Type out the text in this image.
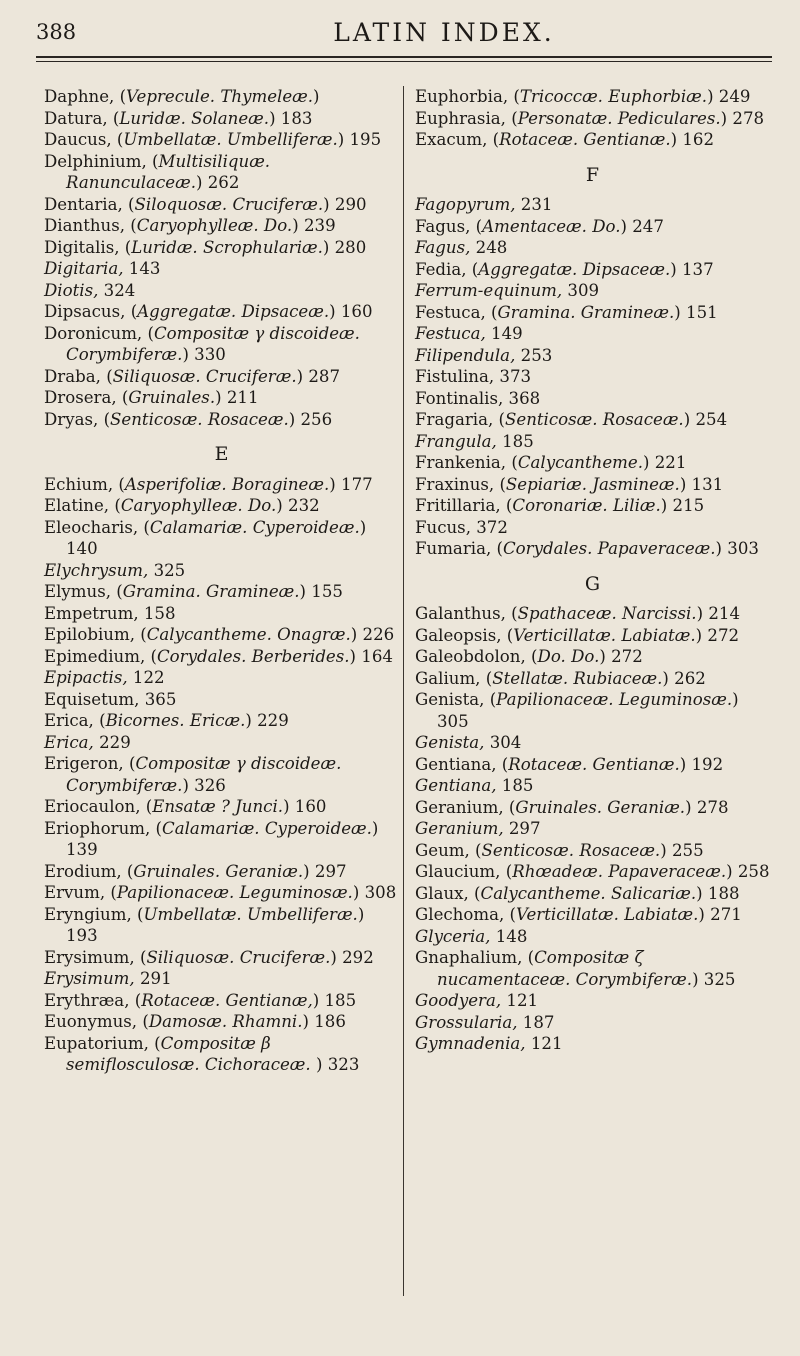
388	LATIN INDEX.
Daphne, (Veprecule. Thymeleæ.)
Datura, (Luridæ. Solaneæ.) 183
Daucus, (Umbellatæ. Umbelliferæ.) 195
Delphinium, (Multisiliquæ. Ranunculaceæ.) 262
Dentaria, (Siloquosæ. Cruciferæ.) 290
Dianthus, (Caryophylleæ. Do.) 239
Digitalis, (Luridæ. Scrophulariæ.) 280
Digitaria, 143
Diotis, 324
Dipsacus, (Aggregatæ. Dipsaceæ.) 160
Doronicum, (Compositæ γ discoideæ. Corymbiferæ.) 330
Draba, (Siliquosæ. Cruciferæ.) 287
Drosera, (Gruinales.) 211
Dryas, (Senticosæ. Rosaceæ.) 256
E
Echium, (Asperifoliæ. Boragineæ.) 177
Elatine, (Caryophylleæ. Do.) 232
Eleocharis, (Calamariæ. Cyperoideæ.) 140
Elychrysum, 325
Elymus, (Gramina. Gramineæ.) 155
Empetrum, 158
Epilobium, (Calycantheme. Onagræ.) 226
Epimedium, (Corydales. Berberides.) 164
Epipactis, 122
Equisetum, 365
Erica, (Bicornes. Ericæ.) 229
Erica, 229
Erigeron, (Compositæ γ discoideæ. Corymbiferæ.) 326
Eriocaulon, (Ensatæ ? Junci.) 160
Eriophorum, (Calamariæ. Cyperoideæ.) 139
Erodium, (Gruinales. Geraniæ.) 297
Ervum, (Papilionaceæ. Leguminosæ.) 308
Eryngium, (Umbellatæ. Umbelliferæ.) 193
Erysimum, (Siliquosæ. Cruciferæ.) 292
Erysimum, 291
Erythræa, (Rotaceæ. Gentianæ,) 185
Euonymus, (Damosæ. Rhamni.) 186
Eupatorium, (Compositæ β semiflosculosæ. Cichoraceæ. ) 323
Euphorbia, (Tricoccæ. Euphorbiæ.) 249
Euphrasia, (Personatæ. Pediculares.) 278
Exacum, (Rotaceæ. Gentianæ.) 162
F
Fagopyrum, 231
Fagus, (Amentaceæ. Do.) 247
Fagus, 248
Fedia, (Aggregatæ. Dipsaceæ.) 137
Ferrum-equinum, 309
Festuca, (Gramina. Gramineæ.) 151
Festuca, 149
Filipendula, 253
Fistulina, 373
Fontinalis, 368
Fragaria, (Senticosæ. Rosaceæ.) 254
Frangula, 185
Frankenia, (Calycantheme.) 221
Fraxinus, (Sepiariæ. Jasmineæ.) 131
Fritillaria, (Coronariæ. Liliæ.) 215
Fucus, 372
Fumaria, (Corydales. Papaveraceæ.) 303
G
Galanthus, (Spathaceæ. Narcissi.) 214
Galeopsis, (Verticillatæ. Labiatæ.) 272
Galeobdolon, (Do. Do.) 272
Galium, (Stellatæ. Rubiaceæ.) 262
Genista, (Papilionaceæ. Leguminosæ.) 305
Genista, 304
Gentiana, (Rotaceæ. Gentianæ.) 192
Gentiana, 185
Geranium, (Gruinales. Geraniæ.) 278
Geranium, 297
Geum, (Senticosæ. Rosaceæ.) 255
Glaucium, (Rhœadeæ. Papaveraceæ.) 258
Glaux, (Calycantheme. Salicariæ.) 188
Glechoma, (Verticillatæ. Labiatæ.) 271
Glyceria, 148
Gnaphalium, (Compositæ ζ nucamentaceæ. Corymbiferæ.) 325
Goodyera, 121
Grossularia, 187
Gymnadenia, 121
